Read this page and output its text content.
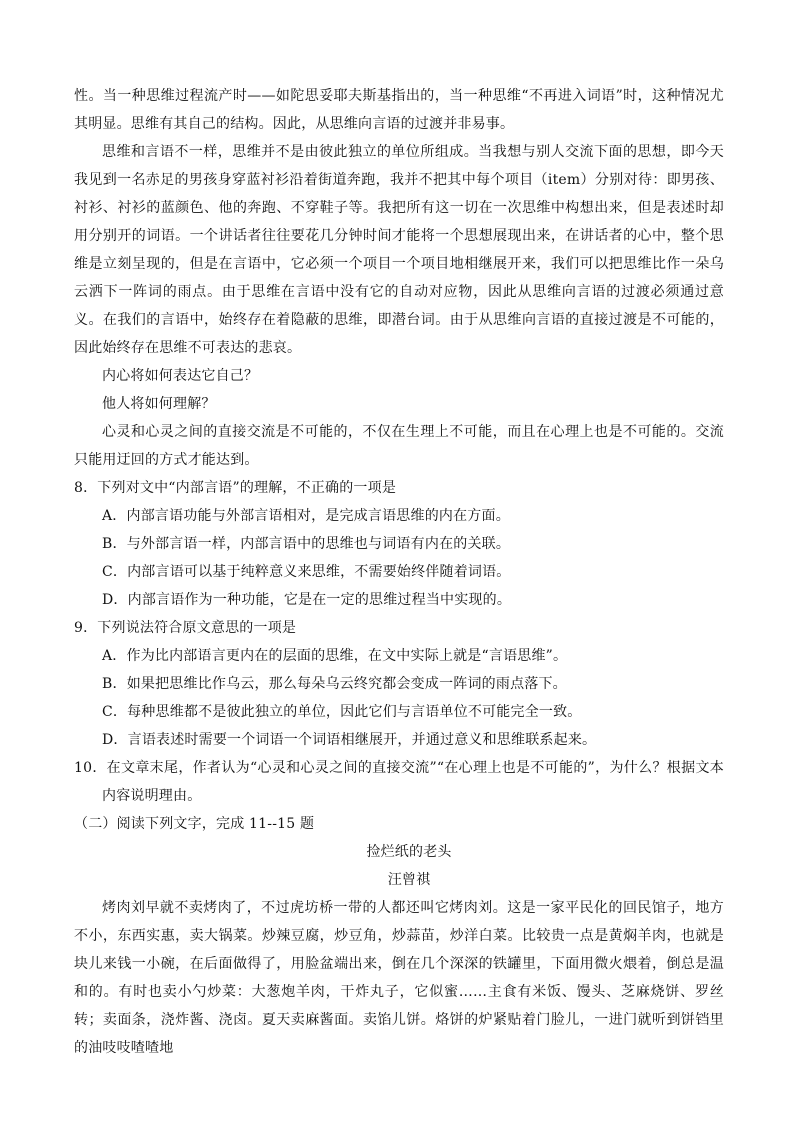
性。当一种思维过程流产时——如陀思妥耶夫斯基指出的，当一种思维“不再进入词语”时，这种情况尤其明显。思维有其自己的结构。因此，从思维向言语的过渡并非易事。

思维和言语不一样，思维并不是由彼此独立的单位所组成。当我想与别人交流下面的思想，即今天我见到一名赤足的男孩身穿蓝衬衫沿着街道奔跑，我并不把其中每个项目（item）分别对待：即男孩、衬衫、衬衫的蓝颜色、他的奔跑、不穿鞋子等。我把所有这一切在一次思维中构想出来，但是表述时却用分别开的词语。一个讲话者往往要花几分钟时间才能将一个思想展现出来，在讲话者的心中，整个思维是立刻呈现的，但是在言语中，它必须一个项目一个项目地相继展开来，我们可以把思维比作一朵乌云洒下一阵词的雨点。由于思维在言语中没有它的自动对应物，因此从思维向言语的过渡必须通过意义。在我们的言语中，始终存在着隐蔽的思维，即潜台词。由于从思维向言语的直接过渡是不可能的，因此始终存在思维不可表达的悲哀。

内心将如何表达它自己？

他人将如何理解？

心灵和心灵之间的直接交流是不可能的，不仅在生理上不可能，而且在心理上也是不可能的。交流只能用迂回的方式才能达到。

8．下列对文中“内部言语”的理解，不正确的一项是

A．内部言语功能与外部言语相对，是完成言语思维的内在方面。

B．与外部言语一样，内部言语中的思维也与词语有内在的关联。

C．内部言语可以基于纯粹意义来思维，不需要始终伴随着词语。

D．内部言语作为一种功能，它是在一定的思维过程当中实现的。

9．下列说法符合原文意思的一项是

A．作为比内部语言更内在的层面的思维，在文中实际上就是“言语思维”。

B．如果把思维比作乌云，那么每朵乌云终究都会变成一阵词的雨点落下。

C．每种思维都不是彼此独立的单位，因此它们与言语单位不可能完全一致。

D．言语表述时需要一个词语一个词语相继展开，并通过意义和思维联系起来。

10．在文章末尾，作者认为“心灵和心灵之间的直接交流”“在心理上也是不可能的”，为什么？根据文本内容说明理由。

（二）阅读下列文字，完成 11--15 题

捡烂纸的老头

汪曾祺

烤肉刘早就不卖烤肉了，不过虎坊桥一带的人都还叫它烤肉刘。这是一家平民化的回民馆子，地方不小，东西实惠，卖大锅菜。炒辣豆腐，炒豆角，炒蒜苗，炒洋白菜。比较贵一点是黄焖羊肉，也就是块儿来钱一小碗，在后面做得了，用脸盆端出来，倒在几个深深的铁罐里，下面用微火煨着，倒总是温和的。有时也卖小勺炒菜：大葱炮羊肉，干炸丸子，它似蜜……主食有米饭、馒头、芝麻烧饼、罗丝转；卖面条，浇炸酱、浇卤。夏天卖麻酱面。卖馅儿饼。烙饼的炉紧贴着门脸儿，一进门就听到饼铛里的油吱吱喳喳地
